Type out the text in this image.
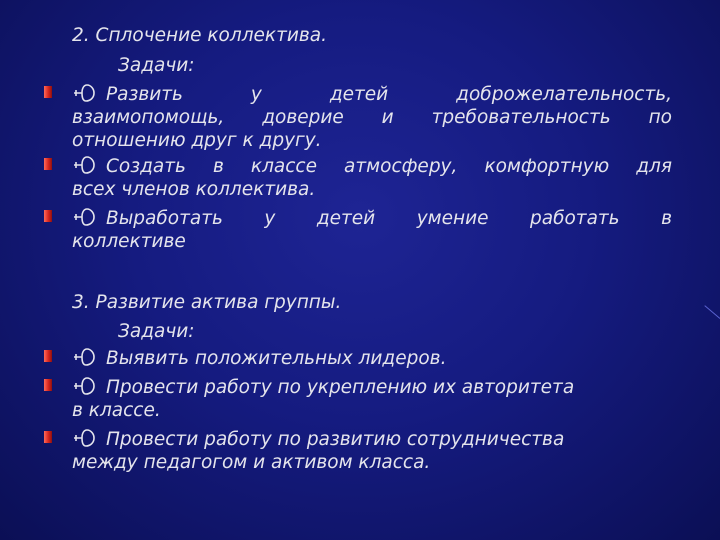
2. Сплочение коллектива.
Задачи:
Развить у детей доброжелательность,
взаимопомощь, доверие и требовательность по
отношению друг к другу.
Создать в классе атмосферу, комфортную для
всех членов коллектива.
Выработать у детей умение работать в
коллективе
3. Развитие актива группы.
Задачи:
Выявить положительных лидеров.
Провести работу по укреплению их авторитета
в классе.
Провести работу по развитию сотрудничества
между педагогом и активом класса.
